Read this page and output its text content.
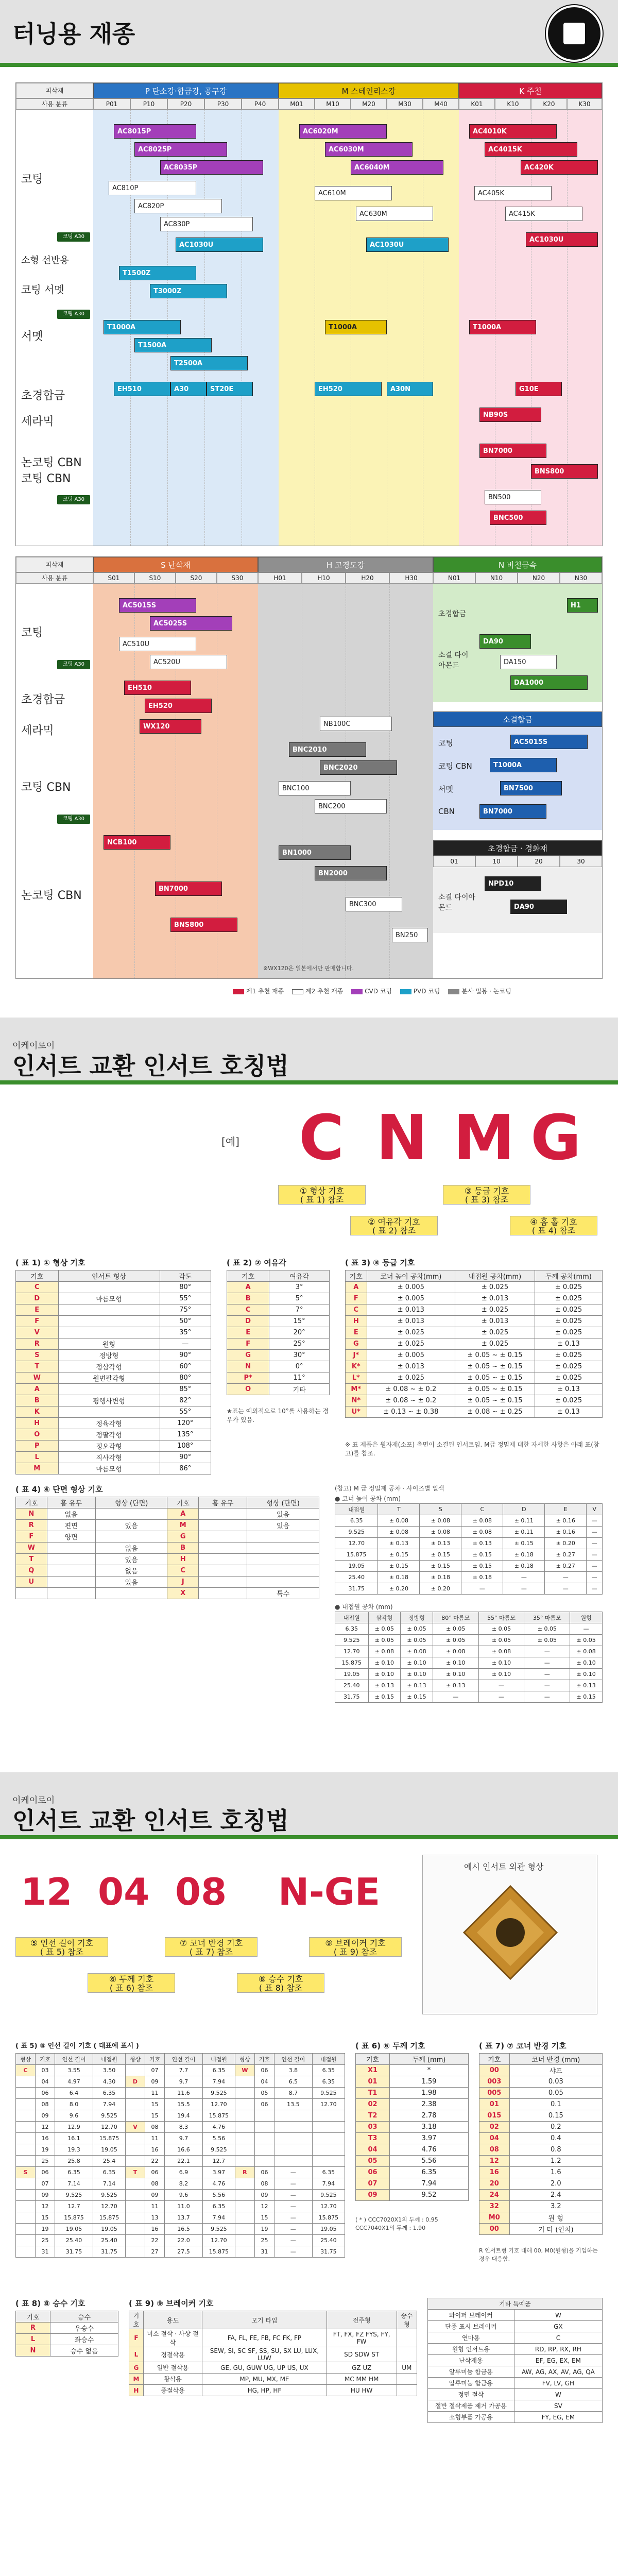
터닝용 재종
피삭재
사용 분류
P 탄소강·합금강, 공구강	M 스테인리스강	K 주철
P01	P10	P20	P30	P40	M01	M10	M20	M30	M40	K01	K10	K20	K30
코팅
소형 선반용
코팅 서멧
서멧
초경합금
세라믹
논코팅 CBN 코팅 CBN
코팅 A30
코팅 A30
코팅 A30
AC8015P
AC8025P
AC8035P
AC810P
AC820P
AC830P
AC1030U
T1500Z
T3000Z
T1000A
T1500A
T2500A
EH510	A30	ST20E
AC6020M
AC6030M
AC6040M
AC610M
AC630M
AC1030U
T1000A
EH520	A30N
AC4010K
AC4015K
AC420K
AC405K
AC415K
AC1030U
T1000A
G10E
NB90S
BN7000
BNS800
BN500
BNC500
피삭재
사용 분류
S 난삭재	H 고경도강	N 비철금속
S01	S10	S20	S30	H01	H10	H20	H30	N01	N10	N20	N30
코팅
초경합금
세라믹
코팅 CBN
논코팅 CBN
코팅 A30
코팅 A30
AC5015S
AC5025S
AC510U
AC520U
EH510
EH520
WX120
NCB100
BN7000
BNS800
NB100C
BNC2010
BNC2020
BNC100
BNC200
BN1000
BN2000
BNC300
BN250
초경합금
소결 다이아몬드
H1
DA90
DA150
DA1000
소결합금
코팅
코팅 CBN
서멧
CBN
AC5015S
T1000A
BN7500
BN7000
초경합금 · 경화재
01	10	20	30
소결 다이아몬드
NPD10
DA90
※WX120은 일본에서만 판매합니다.
제1 추천 재종	제2 추천 재종	CVD 코팅	PVD 코팅	분사 밀봉 · 논코팅
이케이로이
인서트 교환 인서트 호칭법
[예] C N M G
① 형상 기호
( 표 1) 참조
② 여유각 기호
( 표 2) 참조
③ 등급 기호
( 표 3) 참조
④ 홈 홀 기호
( 표 4) 참조
( 표 1) ① 형상 기호
기호	인서트 형상	각도
C		80°
D	마름모형	55°
E		75°
F		50°
V		35°
R	원형	—
S	정방형	90°
T	정삼각형	60°
W	원변팔각형	80°
A		85°
B	평행사변형	82°
K		55°
H	정육각형	120°
O	정팔각형	135°
P	정오각형	108°
L	직사각형	90°
M	마름모형	86°
( 표 2) ② 여유각
기호	여유각
A	3°
B	5°
C	7°
D	15°
E	20°
F	25°
G	30°
N	0°
P*	11°
O	기타
★표는 예외적으로 10°를 사용하는 경우가 있음.
( 표 3) ③ 등급 기호
기호	코너 높이 공차(mm)	내접원 공차(mm)	두께 공차(mm)
A	± 0.005	± 0.025	± 0.025
F	± 0.005	± 0.013	± 0.025
C	± 0.013	± 0.025	± 0.025
H	± 0.013	± 0.013	± 0.025
E	± 0.025	± 0.025	± 0.025
G	± 0.025	± 0.025	± 0.13
J*	± 0.005	± 0.05 ~ ± 0.15	± 0.025
K*	± 0.013	± 0.05 ~ ± 0.15	± 0.025
L*	± 0.025	± 0.05 ~ ± 0.15	± 0.025
M*	± 0.08 ~ ± 0.2	± 0.05 ~ ± 0.15	± 0.13
N*	± 0.08 ~ ± 0.2	± 0.05 ~ ± 0.15	± 0.025
U*	± 0.13 ~ ± 0.38	± 0.08 ~ ± 0.25	± 0.13
※ 표 제품은 원자재(소포) 측면이 소결된 인서트임. M급 정밀제 대한 자세한 사항은 아래 표(참고)를 참조.
( 표 4) ④ 단면 형상 기호
기호	홈 유무	형상 (단면)	기호	홈 유무	형상 (단면)
N	없음		A		있음
R	편면	있음	M		있음
F	양면		G		
W		없음	B		
T		있음	H		
Q		없음	C		
U		있음	J		
			X		특수
(참고) M 급 정밀제 공차 · 사이즈별 일색
● 코너 높이 공차 (mm)
내접원	T	S	C	D	E	V
6.35	± 0.08	± 0.08	± 0.08	± 0.11	± 0.16	—
9.525	± 0.08	± 0.08	± 0.08	± 0.11	± 0.16	—
12.70	± 0.13	± 0.13	± 0.13	± 0.15	± 0.20	—
15.875	± 0.15	± 0.15	± 0.15	± 0.18	± 0.27	—
19.05	± 0.15	± 0.15	± 0.15	± 0.18	± 0.27	—
25.40	± 0.18	± 0.18	± 0.18	—	—	—
31.75	± 0.20	± 0.20	—	—	—	—
● 내접원 공차 (mm)
내접원	삼각형	정방형	80° 마름모	55° 마름모	35° 마름모	원형
6.35	± 0.05	± 0.05	± 0.05	± 0.05	± 0.05	—
9.525	± 0.05	± 0.05	± 0.05	± 0.05	± 0.05	± 0.05
12.70	± 0.08	± 0.08	± 0.08	± 0.08	—	± 0.08
15.875	± 0.10	± 0.10	± 0.10	± 0.10	—	± 0.10
19.05	± 0.10	± 0.10	± 0.10	± 0.10	—	± 0.10
25.40	± 0.13	± 0.13	± 0.13	—	—	± 0.13
31.75	± 0.15	± 0.15	—	—	—	± 0.15
이케이로이
인서트 교환 인서트 호칭법
12 04 08 N -GE
⑤ 인선 길이 기호
( 표 5) 참조
⑥ 두께 기호
( 표 6) 참조
⑦ 코너 반경 기호
( 표 7) 참조
⑧ 승수 기호
( 표 8) 참조
⑨ 브레이커 기호
( 표 9) 참조
예시 인서트 외관 형상
( 표 5) ⑤ 인선 길이 기호 ( 대표예 표시 )
형상	기호	인선 길이	내접원	형상	기호	인선 길이	내접원	형상	기호	인선 길이	내접원
C	03	3.55	3.50		07	7.7	6.35	W	06	3.8	6.35
	04	4.97	4.30	D	09	9.7	7.94		04	6.5	6.35
	06	6.4	6.35		11	11.6	9.525		05	8.7	9.525
	08	8.0	7.94		15	15.5	12.70		06	13.5	12.70
	09	9.6	9.525		15	19.4	15.875				
	12	12.9	12.70	V	08	8.3	4.76				
	16	16.1	15.875		11	9.7	5.56				
	19	19.3	19.05		16	16.6	9.525				
	25	25.8	25.4		22	22.1	12.7				
S	06	6.35	6.35	T	06	6.9	3.97	R	06	—	6.35
	07	7.14	7.14		08	8.2	4.76		08	—	7.94
	09	9.525	9.525		09	9.6	5.56		09	—	9.525
	12	12.7	12.70		11	11.0	6.35		12	—	12.70
	15	15.875	15.875		13	13.7	7.94		15	—	15.875
	19	19.05	19.05		16	16.5	9.525		19	—	19.05
	25	25.40	25.40		22	22.0	12.70		25	—	25.40
	31	31.75	31.75		27	27.5	15.875		31	—	31.75
( 표 6) ⑥ 두께 기호
기호	두께 (mm)
X1	*
01	1.59
T1	1.98
02	2.38
T2	2.78
03	3.18
T3	3.97
04	4.76
05	5.56
06	6.35
07	7.94
09	9.52
( * ) CCC7020X1의 두께 : 0.95 CCC7040X1의 두께 : 1.90
( 표 7) ⑦ 코너 반경 기호
기호	코너 반경 (mm)
00	샤프
003	0.03
005	0.05
01	0.1
015	0.15
02	0.2
04	0.4
08	0.8
12	1.2
16	1.6
20	2.0
24	2.4
32	3.2
M0	원 형
00	기 타 (인치)
R 인서트형 기호 대해 00, M0(원형)을 기입하는 경우 대응함.
( 표 8) ⑧ 승수 기호
기호	승수
R	우승수
L	좌승수
N	승수 없음
( 표 9) ⑨ 브레이커 기호
기호	용도	모기 타입	전주형	승수형
F	미소 절삭 · 사상 절삭	FA, FL, FE, FB, FC FK, FP	FT, FX, FZ FYS, FY, FW	
L	경절삭용	SEW, SI, SC SF, SS, SU, SX LU, LUX, LUW	SD SDW ST	
G	일반 절삭용	GE, GU, GUW UG, UP US, UX	GZ UZ	UM
M	황삭용	MP, MU, MX, ME	MC MM HM	
H	중절삭용	HG, HP, HF	HU HW	
기타 특예품	
와이퍼 브레이커	W
단종 표시 브레이커	GX
연마용	C
원형 인서트용	RD, RP, RX, RH
난삭재용	EF, EG, EX, EM
알루미늄 합금용	AW, AG, AX, AV, AG, QA
알루미늄 합금용	FV, LV, GH
정면 절삭	W
절반 절삭제품 제거 가공용	SV
소형부품 가공용	FY, EG, EM
